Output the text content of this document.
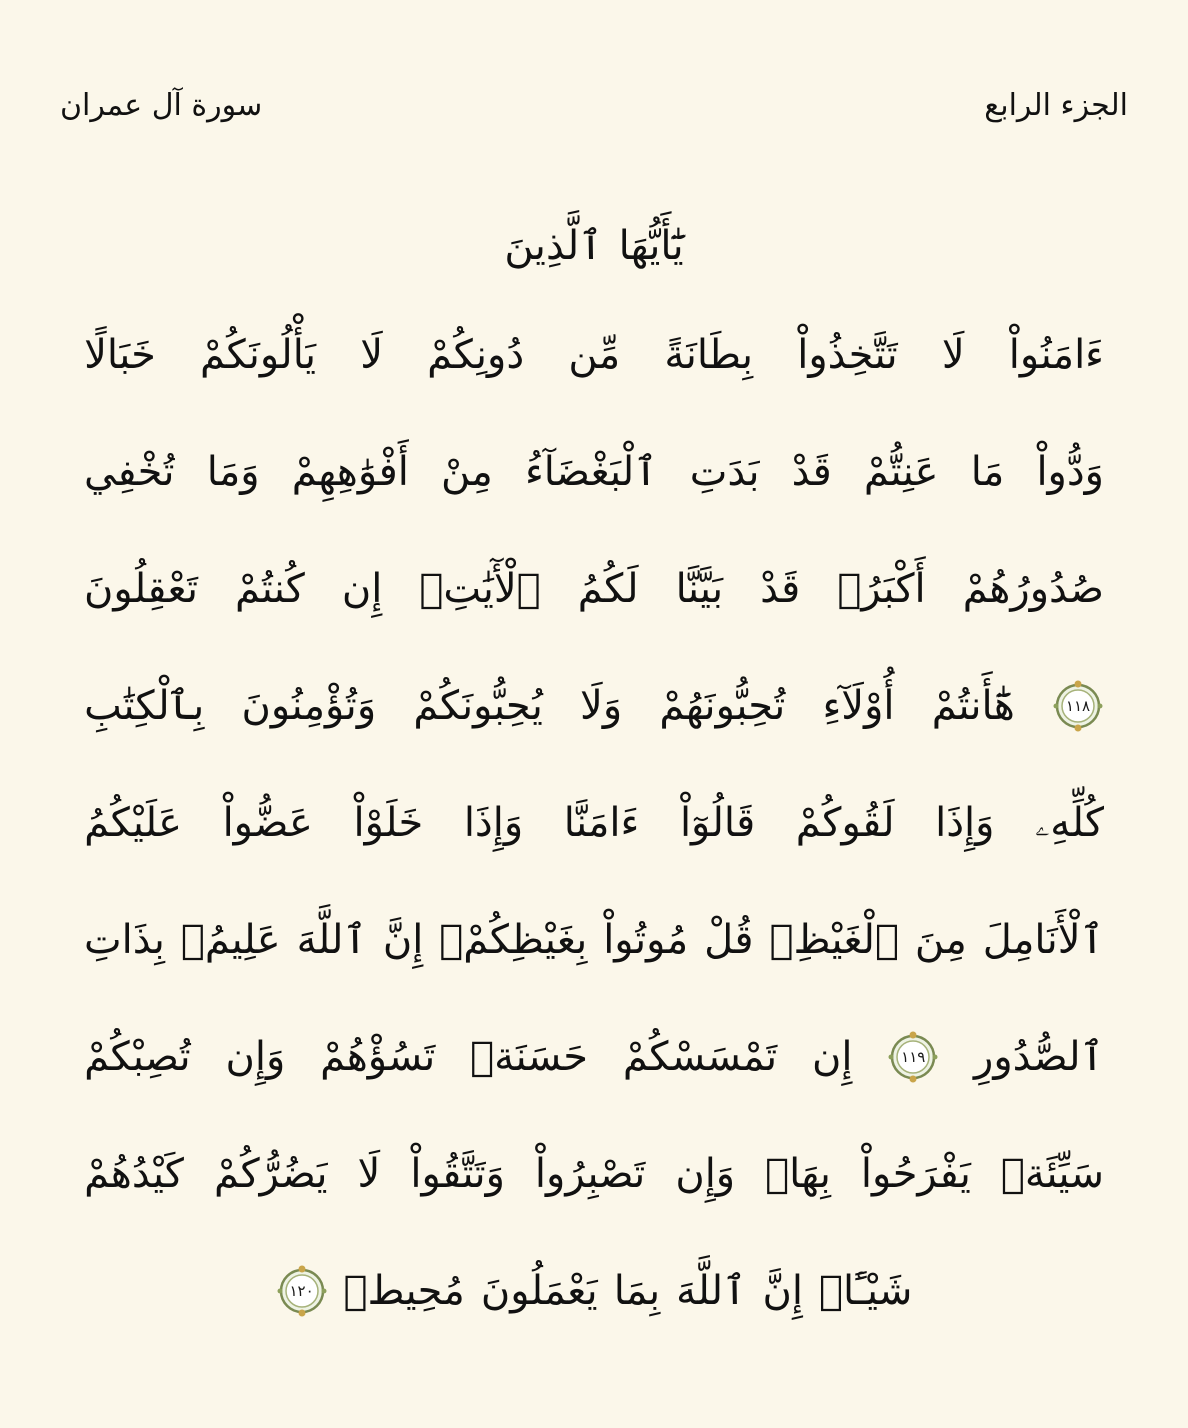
الجزء الرابع
سورة آل عمران
يَٰٓأَيُّهَا
ٱلَّذِينَ
ءَامَنُواْ
لَا
تَتَّخِذُواْ
بِطَانَةً
مِّن
دُونِكُمْ
لَا
يَأْلُونَكُمْ
خَبَالًا
وَدُّواْ
مَا
عَنِتُّمْ
قَدْ
بَدَتِ
ٱلْبَغْضَآءُ
مِنْ
أَفْوَٰهِهِمْ
وَمَا
تُخْفِي
صُدُورُهُمْ
أَكْبَرُۚ
قَدْ
بَيَّنَّا
لَكُمُ
ٱلْأٓيَٰتِۖ
إِن
كُنتُمْ
تَعْقِلُونَ
١١٨
هَٰٓأَنتُمْ
أُوْلَآءِ
تُحِبُّونَهُمْ
وَلَا
يُحِبُّونَكُمْ
وَتُؤْمِنُونَ
بِٱلْكِتَٰبِ
كُلِّهِۦ
وَإِذَا
لَقُوكُمْ
قَالُوٓاْ
ءَامَنَّا
وَإِذَا
خَلَوْاْ
عَضُّواْ
عَلَيْكُمُ
ٱلْأَنَامِلَ
مِنَ
ٱلْغَيْظِۚ
قُلْ
مُوتُواْ
بِغَيْظِكُمْۗ
إِنَّ
ٱللَّهَ
عَلِيمُۢ
بِذَاتِ
ٱلصُّدُورِ
١١٩
إِن
تَمْسَسْكُمْ
حَسَنَةٞ
تَسُؤْهُمْ
وَإِن
تُصِبْكُمْ
سَيِّئَةٞ
يَفْرَحُواْ
بِهَاۖ
وَإِن
تَصْبِرُواْ
وَتَتَّقُواْ
لَا
يَضُرُّكُمْ
كَيْدُهُمْ
شَيْـًٔاۗ
إِنَّ
ٱللَّهَ
بِمَا
يَعْمَلُونَ
مُحِيطٞ
١٢٠
